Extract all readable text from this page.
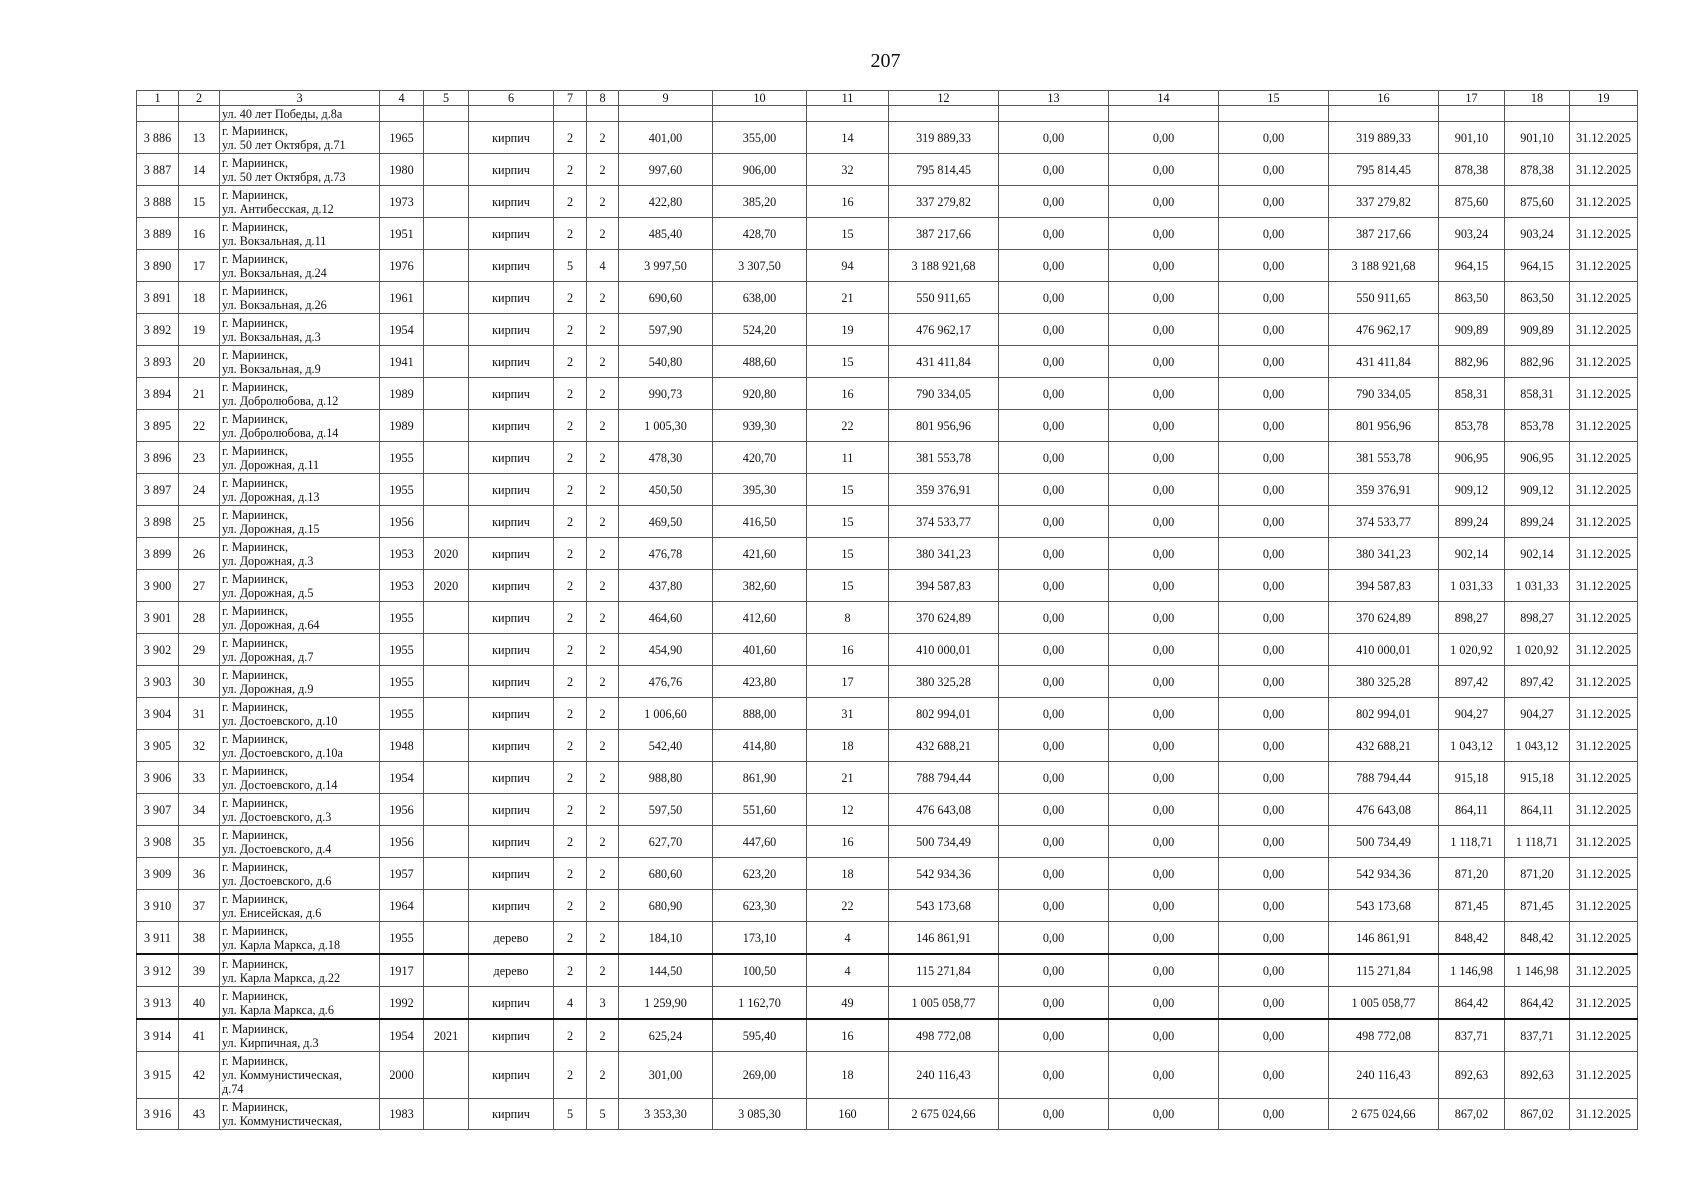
207
1	2	3	4	5	6	7	8	9	10	11	12	13	14	15	16	17	18	19
		ул. 40 лет Победы, д.8а																
3 886	13	г. Мариинск,
ул. 50 лет Октября, д.71	1965		кирпич	2	2	401,00	355,00	14	319 889,33	0,00	0,00	0,00	319 889,33	901,10	901,10	31.12.2025
3 887	14	г. Мариинск,
ул. 50 лет Октября, д.73	1980		кирпич	2	2	997,60	906,00	32	795 814,45	0,00	0,00	0,00	795 814,45	878,38	878,38	31.12.2025
3 888	15	г. Мариинск,
ул. Антибесская, д.12	1973		кирпич	2	2	422,80	385,20	16	337 279,82	0,00	0,00	0,00	337 279,82	875,60	875,60	31.12.2025
3 889	16	г. Мариинск,
ул. Вокзальная, д.11	1951		кирпич	2	2	485,40	428,70	15	387 217,66	0,00	0,00	0,00	387 217,66	903,24	903,24	31.12.2025
3 890	17	г. Мариинск,
ул. Вокзальная, д.24	1976		кирпич	5	4	3 997,50	3 307,50	94	3 188 921,68	0,00	0,00	0,00	3 188 921,68	964,15	964,15	31.12.2025
3 891	18	г. Мариинск,
ул. Вокзальная, д.26	1961		кирпич	2	2	690,60	638,00	21	550 911,65	0,00	0,00	0,00	550 911,65	863,50	863,50	31.12.2025
3 892	19	г. Мариинск,
ул. Вокзальная, д.3	1954		кирпич	2	2	597,90	524,20	19	476 962,17	0,00	0,00	0,00	476 962,17	909,89	909,89	31.12.2025
3 893	20	г. Мариинск,
ул. Вокзальная, д.9	1941		кирпич	2	2	540,80	488,60	15	431 411,84	0,00	0,00	0,00	431 411,84	882,96	882,96	31.12.2025
3 894	21	г. Мариинск,
ул. Добролюбова, д.12	1989		кирпич	2	2	990,73	920,80	16	790 334,05	0,00	0,00	0,00	790 334,05	858,31	858,31	31.12.2025
3 895	22	г. Мариинск,
ул. Добролюбова, д.14	1989		кирпич	2	2	1 005,30	939,30	22	801 956,96	0,00	0,00	0,00	801 956,96	853,78	853,78	31.12.2025
3 896	23	г. Мариинск,
ул. Дорожная, д.11	1955		кирпич	2	2	478,30	420,70	11	381 553,78	0,00	0,00	0,00	381 553,78	906,95	906,95	31.12.2025
3 897	24	г. Мариинск,
ул. Дорожная, д.13	1955		кирпич	2	2	450,50	395,30	15	359 376,91	0,00	0,00	0,00	359 376,91	909,12	909,12	31.12.2025
3 898	25	г. Мариинск,
ул. Дорожная, д.15	1956		кирпич	2	2	469,50	416,50	15	374 533,77	0,00	0,00	0,00	374 533,77	899,24	899,24	31.12.2025
3 899	26	г. Мариинск,
ул. Дорожная, д.3	1953	2020	кирпич	2	2	476,78	421,60	15	380 341,23	0,00	0,00	0,00	380 341,23	902,14	902,14	31.12.2025
3 900	27	г. Мариинск,
ул. Дорожная, д.5	1953	2020	кирпич	2	2	437,80	382,60	15	394 587,83	0,00	0,00	0,00	394 587,83	1 031,33	1 031,33	31.12.2025
3 901	28	г. Мариинск,
ул. Дорожная, д.64	1955		кирпич	2	2	464,60	412,60	8	370 624,89	0,00	0,00	0,00	370 624,89	898,27	898,27	31.12.2025
3 902	29	г. Мариинск,
ул. Дорожная, д.7	1955		кирпич	2	2	454,90	401,60	16	410 000,01	0,00	0,00	0,00	410 000,01	1 020,92	1 020,92	31.12.2025
3 903	30	г. Мариинск,
ул. Дорожная, д.9	1955		кирпич	2	2	476,76	423,80	17	380 325,28	0,00	0,00	0,00	380 325,28	897,42	897,42	31.12.2025
3 904	31	г. Мариинск,
ул. Достоевского, д.10	1955		кирпич	2	2	1 006,60	888,00	31	802 994,01	0,00	0,00	0,00	802 994,01	904,27	904,27	31.12.2025
3 905	32	г. Мариинск,
ул. Достоевского, д.10а	1948		кирпич	2	2	542,40	414,80	18	432 688,21	0,00	0,00	0,00	432 688,21	1 043,12	1 043,12	31.12.2025
3 906	33	г. Мариинск,
ул. Достоевского, д.14	1954		кирпич	2	2	988,80	861,90	21	788 794,44	0,00	0,00	0,00	788 794,44	915,18	915,18	31.12.2025
3 907	34	г. Мариинск,
ул. Достоевского, д.3	1956		кирпич	2	2	597,50	551,60	12	476 643,08	0,00	0,00	0,00	476 643,08	864,11	864,11	31.12.2025
3 908	35	г. Мариинск,
ул. Достоевского, д.4	1956		кирпич	2	2	627,70	447,60	16	500 734,49	0,00	0,00	0,00	500 734,49	1 118,71	1 118,71	31.12.2025
3 909	36	г. Мариинск,
ул. Достоевского, д.6	1957		кирпич	2	2	680,60	623,20	18	542 934,36	0,00	0,00	0,00	542 934,36	871,20	871,20	31.12.2025
3 910	37	г. Мариинск,
ул. Енисейская, д.6	1964		кирпич	2	2	680,90	623,30	22	543 173,68	0,00	0,00	0,00	543 173,68	871,45	871,45	31.12.2025
3 911	38	г. Мариинск,
ул. Карла Маркса, д.18	1955		дерево	2	2	184,10	173,10	4	146 861,91	0,00	0,00	0,00	146 861,91	848,42	848,42	31.12.2025
3 912	39	г. Мариинск,
ул. Карла Маркса, д.22	1917		дерево	2	2	144,50	100,50	4	115 271,84	0,00	0,00	0,00	115 271,84	1 146,98	1 146,98	31.12.2025
3 913	40	г. Мариинск,
ул. Карла Маркса, д.6	1992		кирпич	4	3	1 259,90	1 162,70	49	1 005 058,77	0,00	0,00	0,00	1 005 058,77	864,42	864,42	31.12.2025
3 914	41	г. Мариинск,
ул. Кирпичная, д.3	1954	2021	кирпич	2	2	625,24	595,40	16	498 772,08	0,00	0,00	0,00	498 772,08	837,71	837,71	31.12.2025
3 915	42	г. Мариинск,
ул. Коммунистическая,
д.74	2000		кирпич	2	2	301,00	269,00	18	240 116,43	0,00	0,00	0,00	240 116,43	892,63	892,63	31.12.2025
3 916	43	г. Мариинск,
ул. Коммунистическая,	1983		кирпич	5	5	3 353,30	3 085,30	160	2 675 024,66	0,00	0,00	0,00	2 675 024,66	867,02	867,02	31.12.2025
